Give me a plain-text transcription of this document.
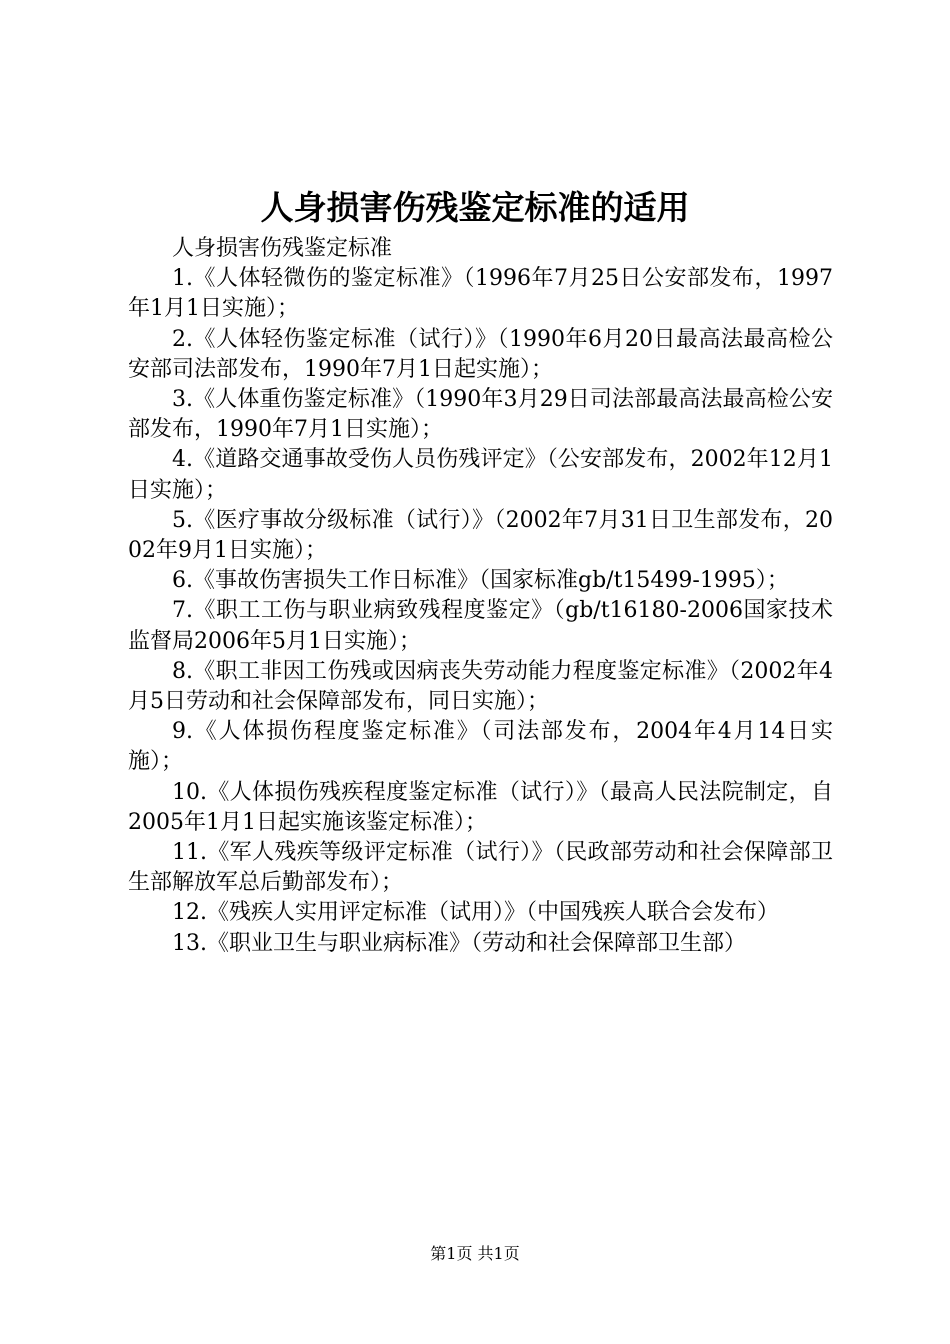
人身损害伤残鉴定标准的适用

人身损害伤残鉴定标准

1.《人体轻微伤的鉴定标准》（1996年7月25日公安部发布，1997年1月1日实施）；

2.《人体轻伤鉴定标准（试行）》（1990年6月20日最高法最高检公安部司法部发布，1990年7月1日起实施）；

3.《人体重伤鉴定标准》（1990年3月29日司法部最高法最高检公安部发布，1990年7月1日实施）；

4.《道路交通事故受伤人员伤残评定》（公安部发布，2002年12月1日实施）；

5.《医疗事故分级标准（试行）》（2002年7月31日卫生部发布，2002年9月1日实施）；

6.《事故伤害损失工作日标准》（国家标准gb/t15499-1995）；

7.《职工工伤与职业病致残程度鉴定》（gb/t16180-2006国家技术监督局2006年5月1日实施）；

8.《职工非因工伤残或因病丧失劳动能力程度鉴定标准》（2002年4月5日劳动和社会保障部发布，同日实施）；

9.《人体损伤程度鉴定标准》（司法部发布，2004年4月14日实施）；

10.《人体损伤残疾程度鉴定标准（试行）》（最高人民法院制定，自2005年1月1日起实施该鉴定标准）；

11.《军人残疾等级评定标准（试行）》（民政部劳动和社会保障部卫生部解放军总后勤部发布）；

12.《残疾人实用评定标准（试用）》（中国残疾人联合会发布）

13.《职业卫生与职业病标准》（劳动和社会保障部卫生部）

第1页 共1页
